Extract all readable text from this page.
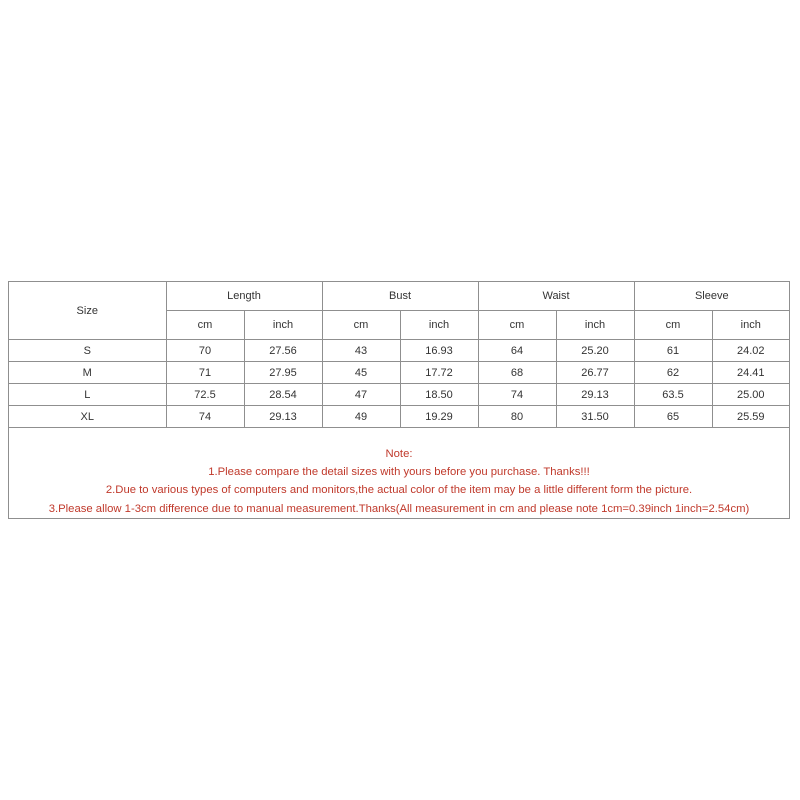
Size	Length		Bust		Waist		Sleeve	
	cm	inch	cm	inch	cm	inch	cm	inch
S	70	27.56	43	16.93	64	25.20	61	24.02
M	71	27.95	45	17.72	68	26.77	62	24.41
L	72.5	28.54	47	18.50	74	29.13	63.5	25.00
XL	74	29.13	49	19.29	80	31.50	65	25.59
Note:
1.Please compare the detail sizes with yours before you purchase. Thanks!!!
2.Due to various types of computers and monitors,the actual color of the item may be a little different form the picture.
3.Please allow 1-3cm difference due to manual measurement.Thanks(All measurement in cm and please note 1cm=0.39inch 1inch=2.54cm)
